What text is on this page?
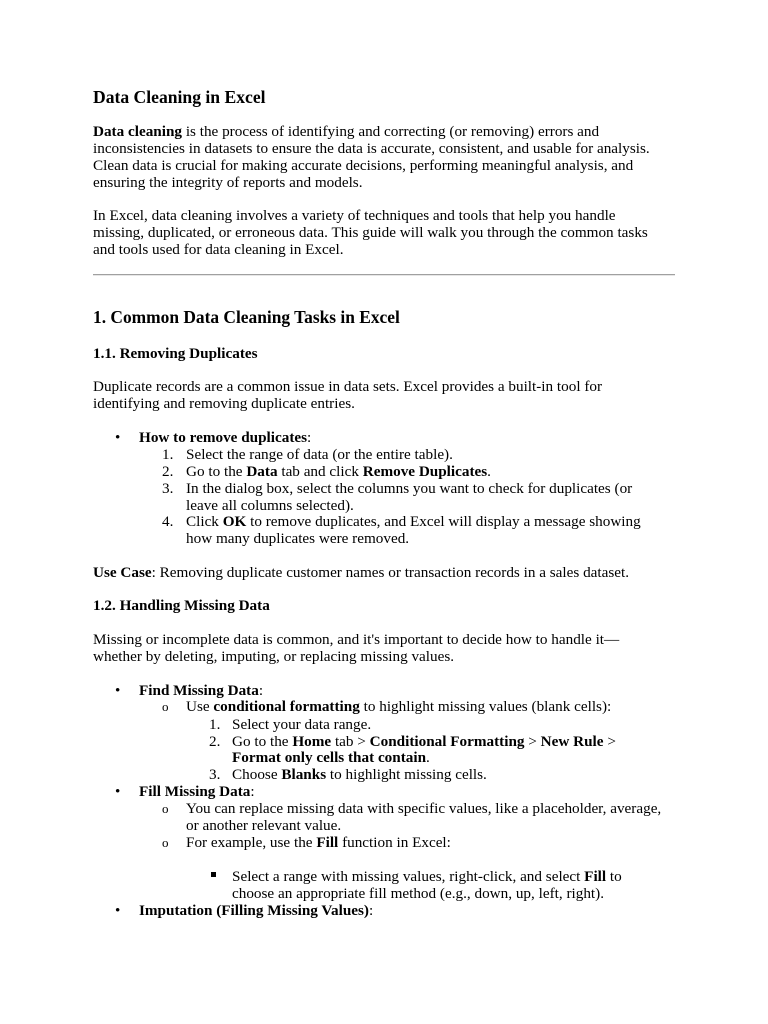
Data Cleaning in Excel
Data cleaning is the process of identifying and correcting (or removing) errors and
inconsistencies in datasets to ensure the data is accurate, consistent, and usable for analysis.
Clean data is crucial for making accurate decisions, performing meaningful analysis, and
ensuring the integrity of reports and models.
In Excel, data cleaning involves a variety of techniques and tools that help you handle
missing, duplicated, or erroneous data. This guide will walk you through the common tasks
and tools used for data cleaning in Excel.
1. Common Data Cleaning Tasks in Excel
1.1. Removing Duplicates
Duplicate records are a common issue in data sets. Excel provides a built-in tool for
identifying and removing duplicate entries.
• How to remove duplicates:
1. Select the range of data (or the entire table).
2. Go to the Data tab and click Remove Duplicates.
3. In the dialog box, select the columns you want to check for duplicates (or
leave all columns selected).
4. Click OK to remove duplicates, and Excel will display a message showing
how many duplicates were removed.
Use Case: Removing duplicate customer names or transaction records in a sales dataset.
1.2. Handling Missing Data
Missing or incomplete data is common, and it's important to decide how to handle it—
whether by deleting, imputing, or replacing missing values.
• Find Missing Data:
o Use conditional formatting to highlight missing values (blank cells):
1. Select your data range.
2. Go to the Home tab > Conditional Formatting > New Rule >
Format only cells that contain.
3. Choose Blanks to highlight missing cells.
• Fill Missing Data:
o You can replace missing data with specific values, like a placeholder, average,
or another relevant value.
o For example, use the Fill function in Excel:
Select a range with missing values, right-click, and select Fill to
choose an appropriate fill method (e.g., down, up, left, right).
• Imputation (Filling Missing Values):
